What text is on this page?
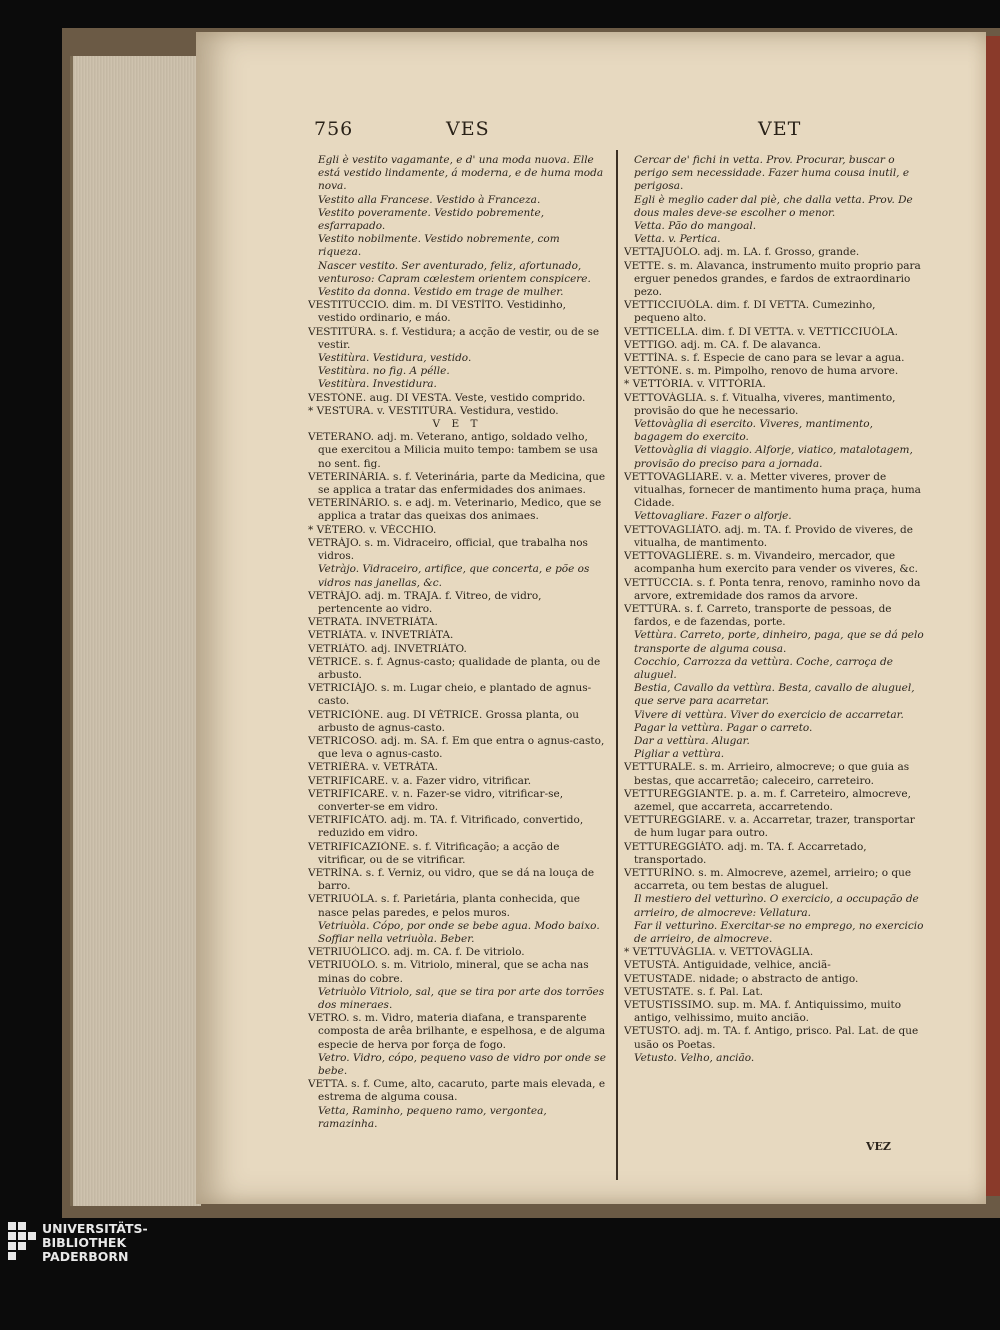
756	VES	VET

Egli è vestito vagamante, e d' una moda nuova. Elle está vestido lindamente, á moderna, e de huma moda nova.

Vestito alla Francese. Vestido à Franceza.

Vestito poveramente. Vestido pobremente, esfarrapado.

Vestito nobilmente. Vestido nobremente, com riqueza.

Nascer vestito. Ser aventurado, feliz, afortunado, venturoso: Capram cœlestem orientem conspicere.

Vestito da donna. Vestido em trage de mulher.

VESTITÙCCIO. dim. m. DI VESTÌTO. Vestidinho, vestido ordinario, e máo.

VESTITÙRA. s. f. Vestidura; a acção de vestir, ou de se vestir.

Vestitùra. Vestidura, vestido.

Vestitùra. no fig. A pélle.

Vestitùra. Investidura.

VESTÒNE. aug. DI VESTA. Veste, vestido comprido.

* VESTÙRA. v. VESTITÙRA. Vestidura, vestido.

V E T

VETERANO. adj. m. Veterano, antigo, soldado velho, que exercitou a Milicia muito tempo: tambem se usa no sent. fig.

VETERINÀRIA. s. f. Veterinária, parte da Medicina, que se applica a tratar das enfermidades dos animaes.

VETERINÀRIO. s. e adj. m. Veterinario, Medico, que se applica a tratar das queixas dos animaes.

* VÈTERO. v. VÈCCHIO.

VETRÀJO. s. m. Vidraceiro, official, que trabalha nos vidros.

Vetràjo. Vidraceiro, artifice, que concerta, e põe os vidros nas janellas, &c.

VETRÀJO. adj. m. TRAJA. f. Vitreo, de vidro, pertencente ao vidro.

VETRATA. INVETRIÀTA.

VETRIÀTA. v. INVETRIÀTA.

VETRIÀTO. adj. INVETRIÀTO.

VÈTRICE. s. f. Agnus-casto; qualidade de planta, ou de arbusto.

VETRICIÀJO. s. m. Lugar cheio, e plantado de agnus-casto.

VETRICIÒNE. aug. DI VÈTRICE. Grossa planta, ou arbusto de agnus-casto.

VETRICOSO. adj. m. SA. f. Em que entra o agnus-casto, que leva o agnus-casto.

VETRIÈRA. v. VETRÀTA.

VETRIFICARE. v. a. Fazer vidro, vitrificar.

VETRIFICARE. v. n. Fazer-se vidro, vitrificar-se, converter-se em vidro.

VETRIFICÀTO. adj. m. TA. f. Vitrificado, convertido, reduzido em vidro.

VETRIFICAZIÒNE. s. f. Vitrificação; a acção de vitrificar, ou de se vitrificar.

VETRÌNA. s. f. Verniz, ou vidro, que se dá na louça de barro.

VETRIUÒLA. s. f. Parietária, planta conhecida, que nasce pelas paredes, e pelos muros.

Vetriuòla. Cópo, por onde se bebe agua. Modo baixo.

Soffiar nella vetriuòla. Beber.

VETRIUÒLICO. adj. m. CA. f. De vitriolo.

VETRIUÒLO. s. m. Vitriolo, mineral, que se acha nas minas do cobre.

Vetriuòlo Vitriolo, sal, que se tira por arte dos torrões dos mineraes.

VETRO. s. m. Vidro, materia diafana, e transparente composta de arêa brilhante, e espelhosa, e de alguma especie de herva por força de fogo.

Vetro. Vidro, cópo, pequeno vaso de vidro por onde se bebe.

VETTA. s. f. Cume, alto, cacaruto, parte mais elevada, e estrema de alguma cousa.

Vetta, Raminho, pequeno ramo, vergontea, ramazinha.

Cercar de' fichi in vetta. Prov. Procurar, buscar o perigo sem necessidade. Fazer huma cousa inutil, e perigosa.

Egli è meglio cader dal piè, che dalla vetta. Prov. De dous males deve-se escolher o menor.

Vetta. Pão do mangoal.

Vetta. v. Pertica.

VETTAJUÒLO. adj. m. LA. f. Grosso, grande.

VETTE. s. m. Alavanca, instrumento muito proprio para erguer penedos grandes, e fardos de extraordinario pezo.

VETTICCIUÒLA. dim. f. DI VETTA. Cumezinho, pequeno alto.

VETTICELLA. dim. f. DI VETTA. v. VETTICCIUÒLA.

VETTIGO. adj. m. CA. f. De alavanca.

VETTÌNA. s. f. Especie de cano para se levar a agua.

VETTÒNE. s. m. Pimpolho, renovo de huma arvore.

* VETTÒRIA. v. VITTÒRIA.

VETTOVÀGLIA. s. f. Vitualha, viveres, mantimento, provisão do que he necessario.

Vettovàglia di esercito. Viveres, mantimento, bagagem do exercito.

Vettovàglia di viaggio. Alforje, viatico, matalotagem, provisão do preciso para a jornada.

VETTOVAGLIARE. v. a. Metter viveres, prover de vitualhas, fornecer de mantimento huma praça, huma Cidade.

Vettovagliare. Fazer o alforje.

VETTOVAGLIÀTO. adj. m. TA. f. Provido de viveres, de vitualha, de mantimento.

VETTOVAGLIÈRE. s. m. Vivandeiro, mercador, que acompanha hum exercito para vender os viveres, &c.

VETTÙCCIA. s. f. Ponta tenra, renovo, raminho novo da arvore, extremidade dos ramos da arvore.

VETTÙRA. s. f. Carreto, transporte de pessoas, de fardos, e de fazendas, porte.

Vettùra. Carreto, porte, dinheiro, paga, que se dá pelo transporte de alguma cousa.

Cocchio, Carrozza da vettùra. Coche, carroça de aluguel.

Bestia, Cavallo da vettùra. Besta, cavallo de aluguel, que serve para acarretar.

Vivere di vettùra. Viver do exercicio de accarretar.

Pagar la vettùra. Pagar o carreto.

Dar a vettùra. Alugar.

Pigliar a vettùra.

VETTURALE. s. m. Arrieiro, almocreve; o que guia as bestas, que accarretão; caleceiro, carreteiro.

VETTUREGGIANTE. p. a. m. f. Carreteiro, almocreve, azemel, que accarreta, accarretendo.

VETTUREGGIARE. v. a. Accarretar, trazer, transportar de hum lugar para outro.

VETTUREGGIÀTO. adj. m. TA. f. Accarretado, transportado.

VETTURÌNO. s. m. Almocreve, azemel, arrieiro; o que accarreta, ou tem bestas de aluguel.

Il mestiero del vetturìno. O exercicio, a occupação de arrieiro, de almocreve: Vellatura.

Far il vetturìno. Exercitar-se no emprego, no exercicio de arrieiro, de almocreve.

* VETTUVÀGLIA. v. VETTOVÀGLIA.

VETUSTÀ. Antiguidade, velhice, anciã-

VETUSTADE. nidade; o abstracto de antigo.

VETUSTATE. s. f. Pal. Lat.

VETUSTISSIMO. sup. m. MA. f. Antiquissimo, muito antigo, velhissimo, muito ancião.

VETUSTO. adj. m. TA. f. Antigo, prisco. Pal. Lat. de que usão os Poetas.

Vetusto. Velho, ancião.

VEZ
UNIVERSITÄTS-
BIBLIOTHEK
PADERBORN
